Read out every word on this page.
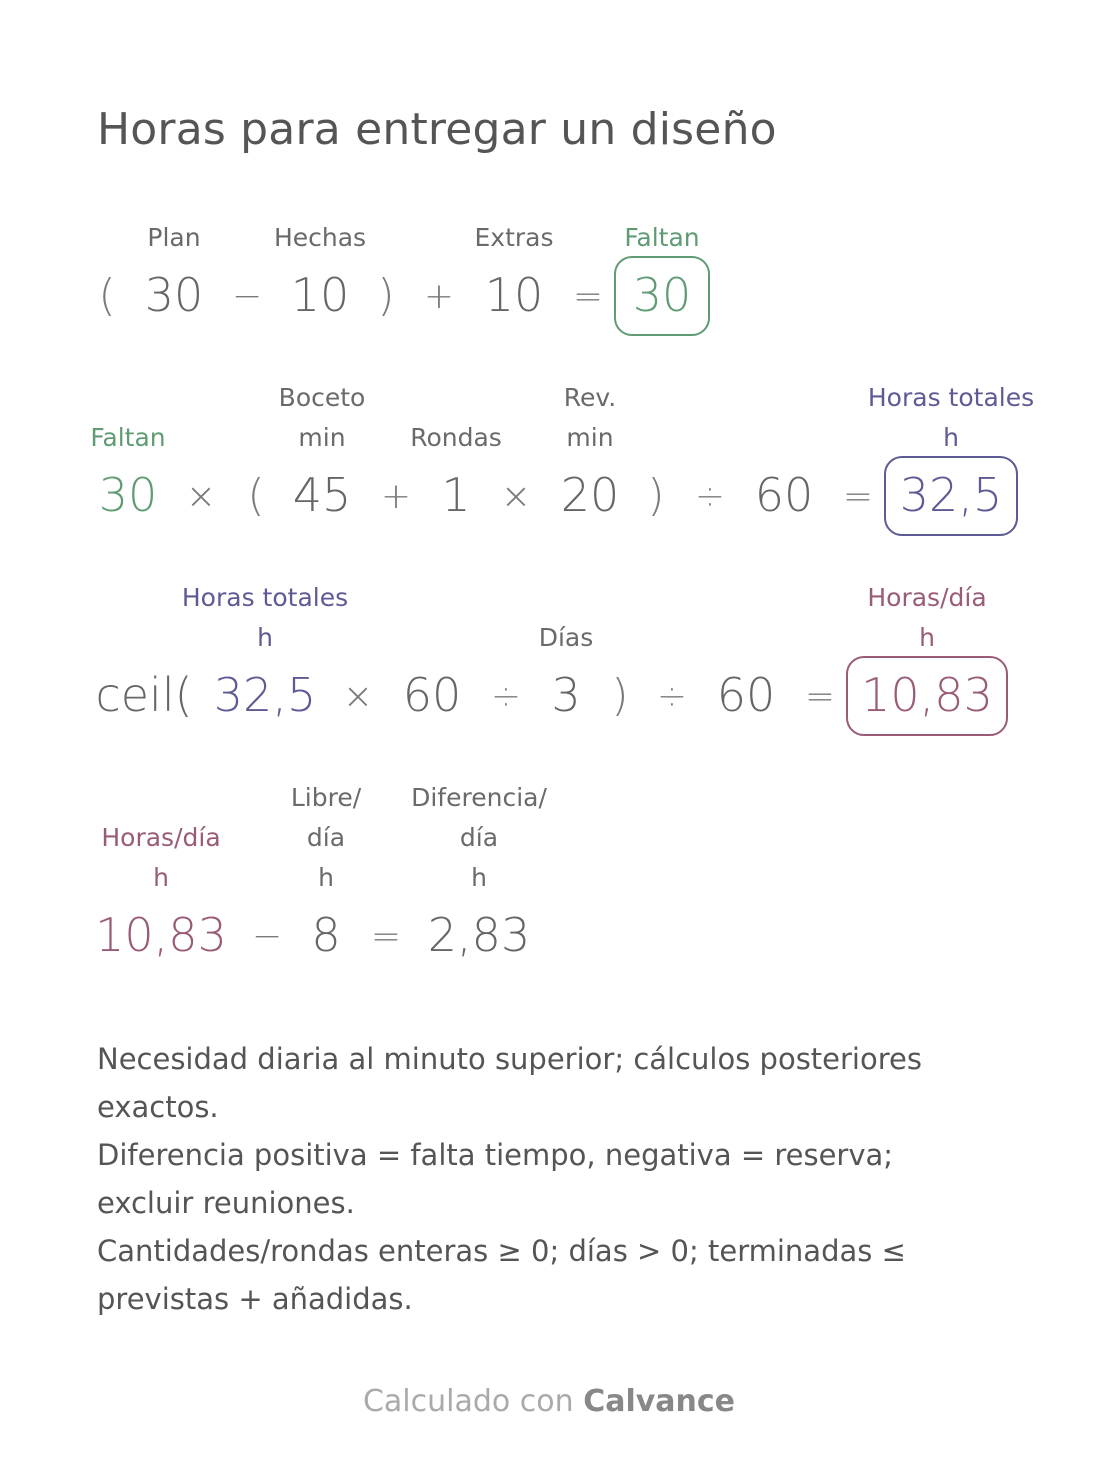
Horas para entregar un diseño
Plan	Hechas	Extras	Faltan
( 30 − 10 ) + 10 = 30
Faltan
Boceto
min	Rondas
Rev.
min
Horas totales
h
30 × ( 45 + 1 × 20 ) ÷ 60 = 32,5
Horas totales
h	Días
Horas/día
h
ceil( 32,5 × 60 ÷ 3 ) ÷ 60 = 10,83
Horas/día
h
Libre/
día
h
Diferencia/
día
h
10,83 − 8 = 2,83
Necesidad diaria al minuto superior; cálculos posteriores exactos.
Diferencia positiva = falta tiempo, negativa = reserva; excluir reuniones.
Cantidades/rondas enteras ≥ 0; días > 0; terminadas ≤ previstas + añadidas.
Calculado con Calvance
